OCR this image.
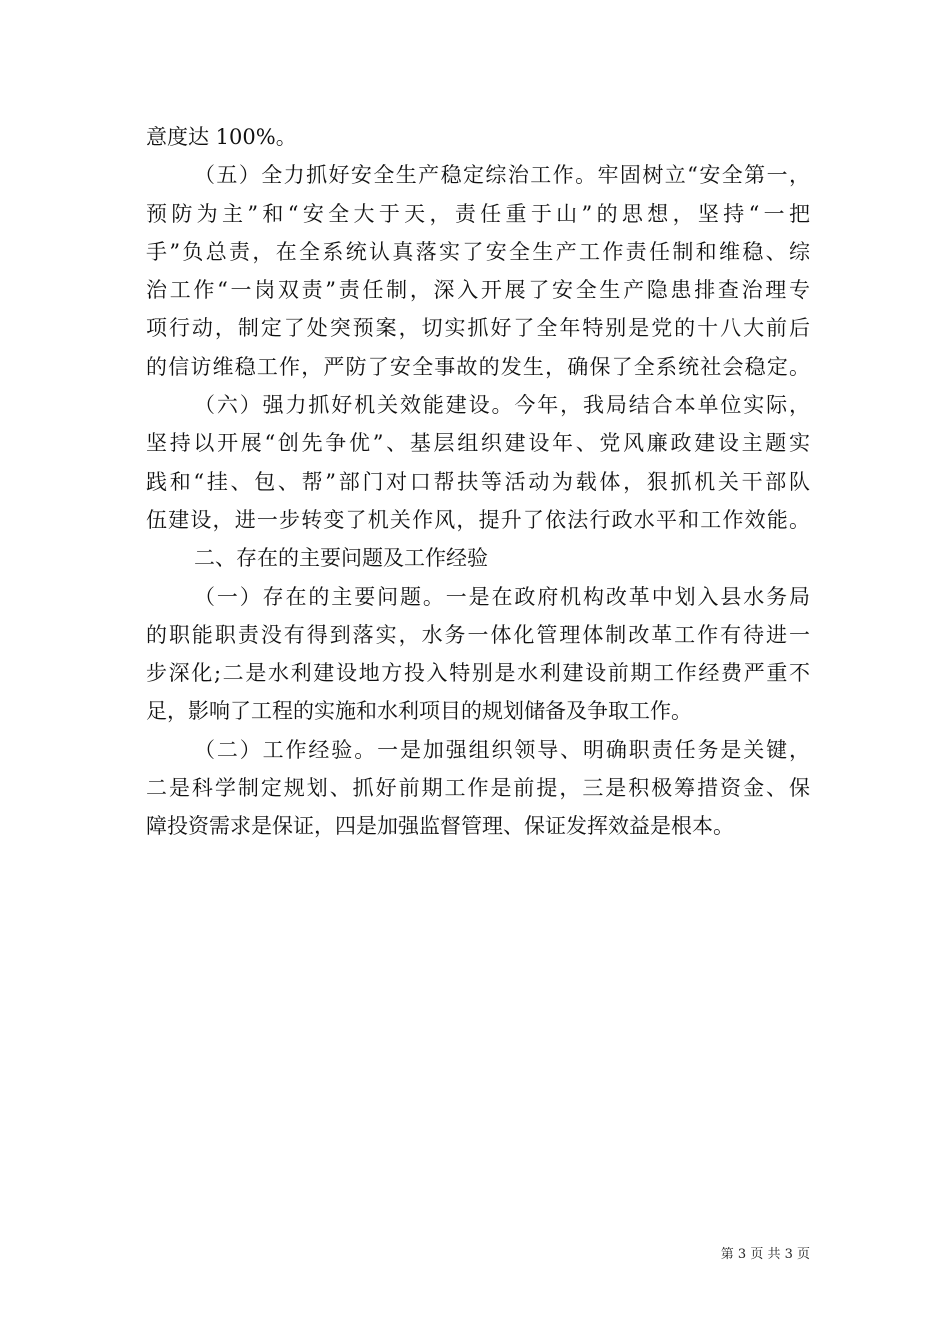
意度达 100%。
（五）全力抓好安全生产稳定综治工作。牢固树立“安全第一，
预防为主”和“安全大于天，责任重于山”的思想，坚持“一把
手”负总责，在全系统认真落实了安全生产工作责任制和维稳、综
治工作“一岗双责”责任制，深入开展了安全生产隐患排查治理专
项行动，制定了处突预案，切实抓好了全年特别是党的十八大前后
的信访维稳工作，严防了安全事故的发生，确保了全系统社会稳定。
（六）强力抓好机关效能建设。今年，我局结合本单位实际，
坚持以开展“创先争优”、基层组织建设年、党风廉政建设主题实
践和“挂、包、帮”部门对口帮扶等活动为载体，狠抓机关干部队
伍建设，进一步转变了机关作风，提升了依法行政水平和工作效能。
二、存在的主要问题及工作经验
（一）存在的主要问题。一是在政府机构改革中划入县水务局
的职能职责没有得到落实，水务一体化管理体制改革工作有待进一
步深化;二是水利建设地方投入特别是水利建设前期工作经费严重不
足，影响了工程的实施和水利项目的规划储备及争取工作。
（二）工作经验。一是加强组织领导、明确职责任务是关键，
二是科学制定规划、抓好前期工作是前提，三是积极筹措资金、保
障投资需求是保证，四是加强监督管理、保证发挥效益是根本。
第 3 页 共 3 页
